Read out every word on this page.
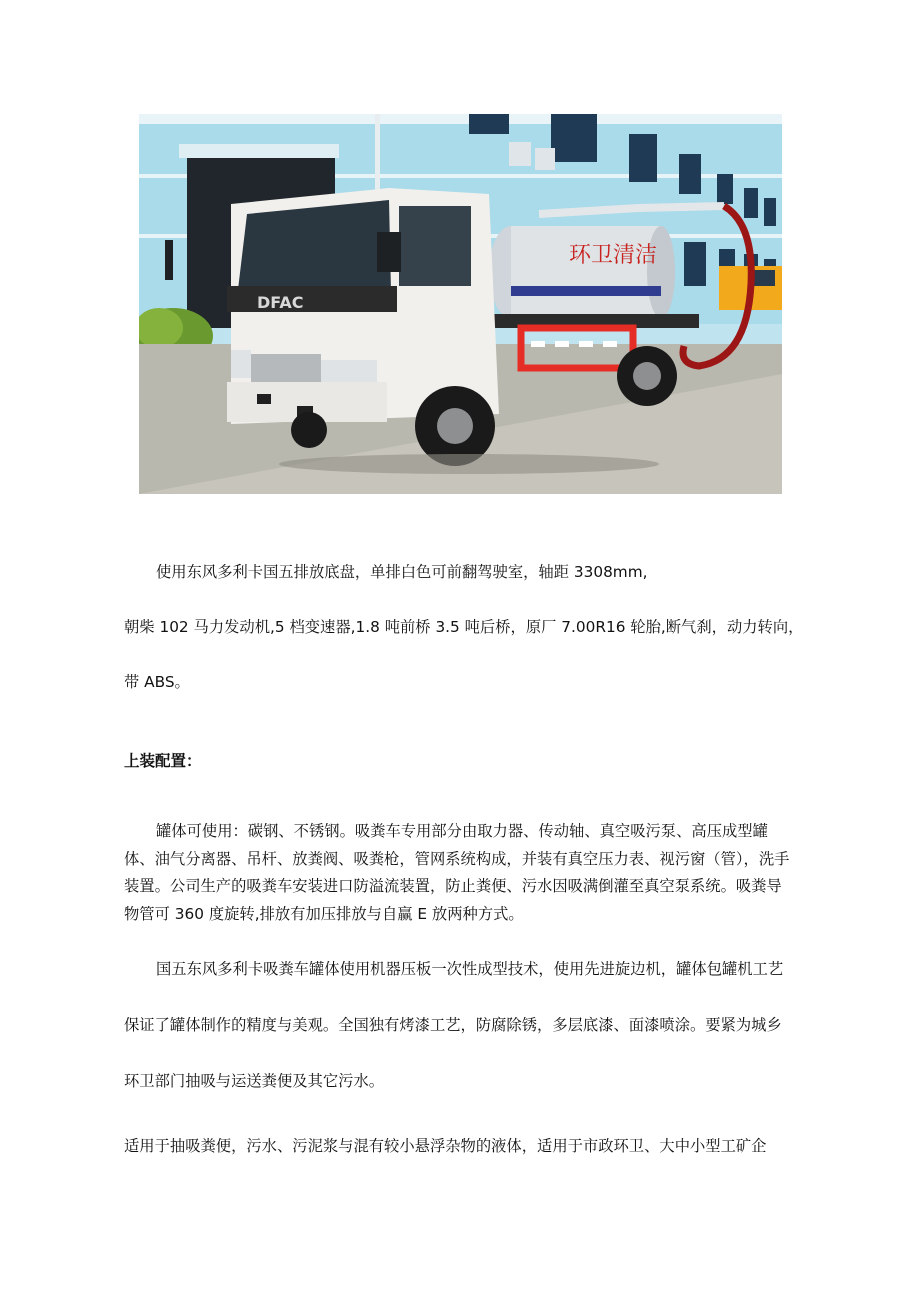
环卫清洁
DFAC

使用东风多利卡国五排放底盘，单排白色可前翻驾驶室，轴距 3308mm,

朝柴 102 马力发动机,5 档变速器,1.8 吨前桥 3.5 吨后桥，原厂 7.00R16 轮胎,断气刹，动力转向，

带 ABS。

上装配置：

罐体可使用：碳钢、不锈钢。吸粪车专用部分由取力器、传动轴、真空吸污泵、高压成型罐体、油气分离器、吊杆、放粪阀、吸粪枪，管网系统构成，并装有真空压力表、视污窗（管），洗手装置。公司生产的吸粪车安装进口防溢流装置，防止粪便、污水因吸满倒灌至真空泵系统。吸粪导物管可 360 度旋转,排放有加压排放与自赢 E 放两种方式。

国五东风多利卡吸粪车罐体使用机器压板一次性成型技术，使用先进旋边机，罐体包罐机工艺

保证了罐体制作的精度与美观。全国独有烤漆工艺，防腐除锈，多层底漆、面漆喷涂。要紧为城乡

环卫部门抽吸与运送粪便及其它污水。

适用于抽吸粪便，污水、污泥浆与混有较小悬浮杂物的液体，适用于市政环卫、大中小型工矿企
